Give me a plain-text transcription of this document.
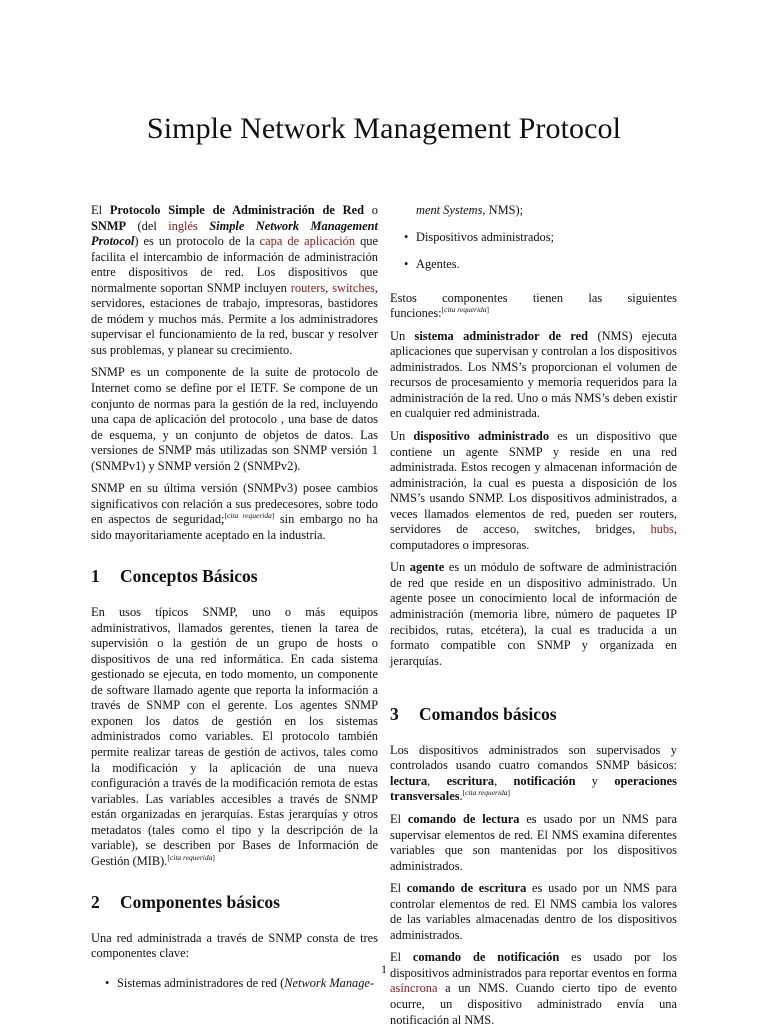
Simple Network Management Protocol

El Protocolo Simple de Administración de Red o SNMP (del inglés Simple Network Management Protocol) es un protocolo de la capa de aplicación que facilita el intercambio de información de administración entre dispositivos de red. Los dispositivos que normalmente soportan SNMP incluyen routers, switches, servidores, estaciones de trabajo, impresoras, bastidores de módem y muchos más. Permite a los administradores supervisar el funcionamiento de la red, buscar y resolver sus problemas, y planear su crecimiento.

SNMP es un componente de la suite de protocolo de Internet como se define por el IETF. Se compone de un conjunto de normas para la gestión de la red, incluyendo una capa de aplicación del protocolo , una base de datos de esquema, y un conjunto de objetos de datos. Las versiones de SNMP más utilizadas son SNMP versión 1 (SNMPv1) y SNMP versión 2 (SNMPv2).

SNMP en su última versión (SNMPv3) posee cambios significativos con relación a sus predecesores, sobre todo en aspectos de seguridad;[cita requerida] sin embargo no ha sido mayoritariamente aceptado en la industria.

1 Conceptos Básicos

En usos típicos SNMP, uno o más equipos administrativos, llamados gerentes, tienen la tarea de supervisión o la gestión de un grupo de hosts o dispositivos de una red informática. En cada sistema gestionado se ejecuta, en todo momento, un componente de software llamado agente que reporta la información a través de SNMP con el gerente. Los agentes SNMP exponen los datos de gestión en los sistemas administrados como variables. El protocolo también permite realizar tareas de gestión de activos, tales como la modificación y la aplicación de una nueva configuración a través de la modificación remota de estas variables. Las variables accesibles a través de SNMP están organizadas en jerarquías. Estas jerarquías y otros metadatos (tales como el tipo y la descripción de la variable), se describen por Bases de Información de Gestión (MIB).[cita requerida]

2 Componentes básicos

Una red administrada a través de SNMP consta de tres componentes clave:

• Sistemas administradores de red (Network Manage-
ment Systems, NMS);
• Dispositivos administrados;
• Agentes.

Estos componentes tienen las siguientes

funciones:[cita requerida]

Un sistema administrador de red (NMS) ejecuta aplicaciones que supervisan y controlan a los dispositivos administrados. Los NMS’s proporcionan el volumen de recursos de procesamiento y memoria requeridos para la administración de la red. Uno o más NMS’s deben existir en cualquier red administrada.

Un dispositivo administrado es un dispositivo que contiene un agente SNMP y reside en una red administrada. Estos recogen y almacenan información de administración, la cual es puesta a disposición de los NMS’s usando SNMP. Los dispositivos administrados, a veces llamados elementos de red, pueden ser routers, servidores de acceso, switches, bridges, hubs, computadores o impresoras.

Un agente es un módulo de software de administración de red que reside en un dispositivo administrado. Un agente posee un conocimiento local de información de administración (memoria libre, número de paquetes IP recibidos, rutas, etcétera), la cual es traducida a un formato compatible con SNMP y organizada en jerarquías.

3 Comandos básicos

Los dispositivos administrados son supervisados y controlados usando cuatro comandos SNMP básicos: lectura, escritura, notificación y operaciones transversales.[cita requerida]

El comando de lectura es usado por un NMS para supervisar elementos de red. El NMS examina diferentes variables que son mantenidas por los dispositivos administrados.

El comando de escritura es usado por un NMS para controlar elementos de red. El NMS cambia los valores de las variables almacenadas dentro de los dispositivos administrados.

El comando de notificación es usado por los dispositivos administrados para reportar eventos en forma asíncrona a un NMS. Cuando cierto tipo de evento ocurre, un dispositivo administrado envía una notificación al NMS.

1
